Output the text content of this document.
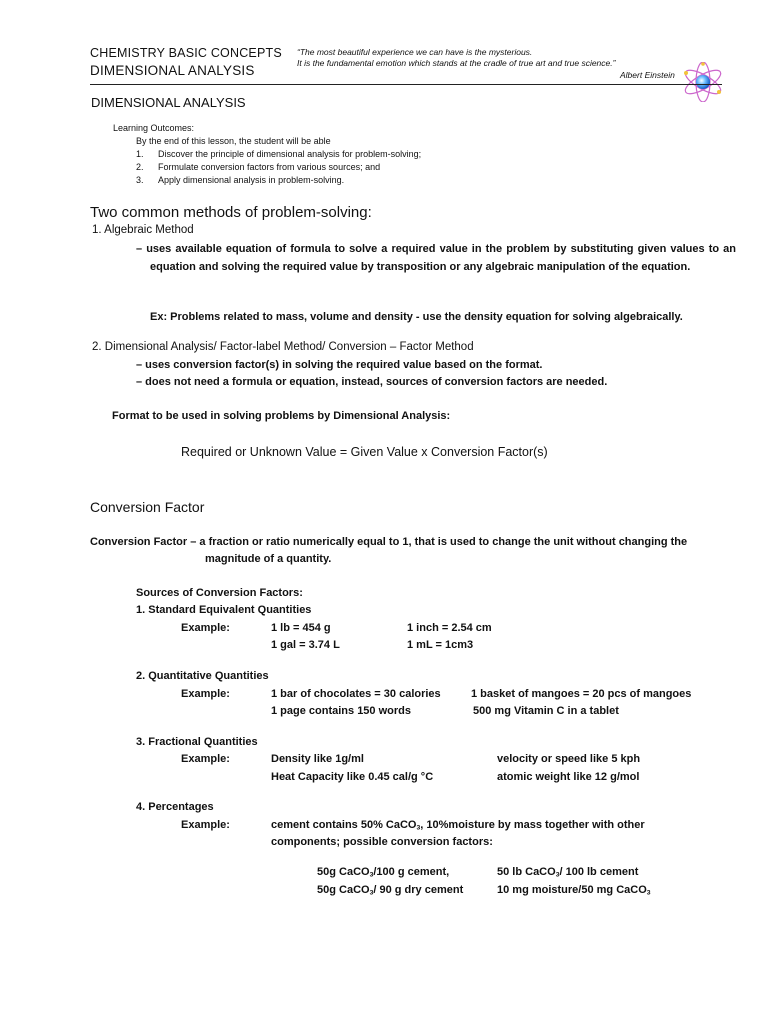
CHEMISTRY BASIC CONCEPTS
DIMENSIONAL ANALYSIS
“The most beautiful experience we can have is the mysterious.
It is the fundamental emotion which stands at the cradle of true art and true science.”
Albert Einstein
DIMENSIONAL ANALYSIS
Learning Outcomes:
By the end of this lesson, the student will be able
1. Discover the principle of dimensional analysis for problem-solving;
2. Formulate conversion factors from various sources; and
3. Apply dimensional analysis in problem-solving.
Two common methods of problem-solving:
1. Algebraic Method
– uses available equation of formula to solve a required value in the problem by substituting given values to an equation and solving the required value by transposition or any algebraic manipulation of the equation.
Ex: Problems related to mass, volume and density - use the density equation for solving algebraically.
2. Dimensional Analysis/ Factor-label Method/ Conversion – Factor Method
– uses conversion factor(s) in solving the required value based on the format.
– does not need a formula or equation, instead, sources of conversion factors are needed.
Format to be used in solving problems by Dimensional Analysis:
Required or Unknown Value = Given Value x Conversion Factor(s)
Conversion Factor
Conversion Factor – a fraction or ratio numerically equal to 1, that is used to change the unit without changing the
magnitude of a quantity.
Sources of Conversion Factors:
1. Standard Equivalent Quantities
Example:	1 lb = 454 g	1 inch = 2.54 cm
1 gal = 3.74 L	1 mL = 1cm3
2. Quantitative Quantities
Example:	1 bar of chocolates = 30 calories	1 basket of mangoes = 20 pcs of mangoes
1 page contains 150 words	500 mg Vitamin C in a tablet
3. Fractional Quantities
Example:	Density like 1g/ml	velocity or speed like 5 kph
Heat Capacity like 0.45 cal/g °C	atomic weight like 12 g/mol
4. Percentages
Example:	cement contains 50% CaCO$_3$, 10%moisture by mass together with other
components; possible conversion factors:
50g CaCO$_3$/100 g cement,	50 lb CaCO$_3$/ 100 lb cement
50g CaCO$_3$/ 90 g dry cement	10 mg moisture/50 mg CaCO$_3$
